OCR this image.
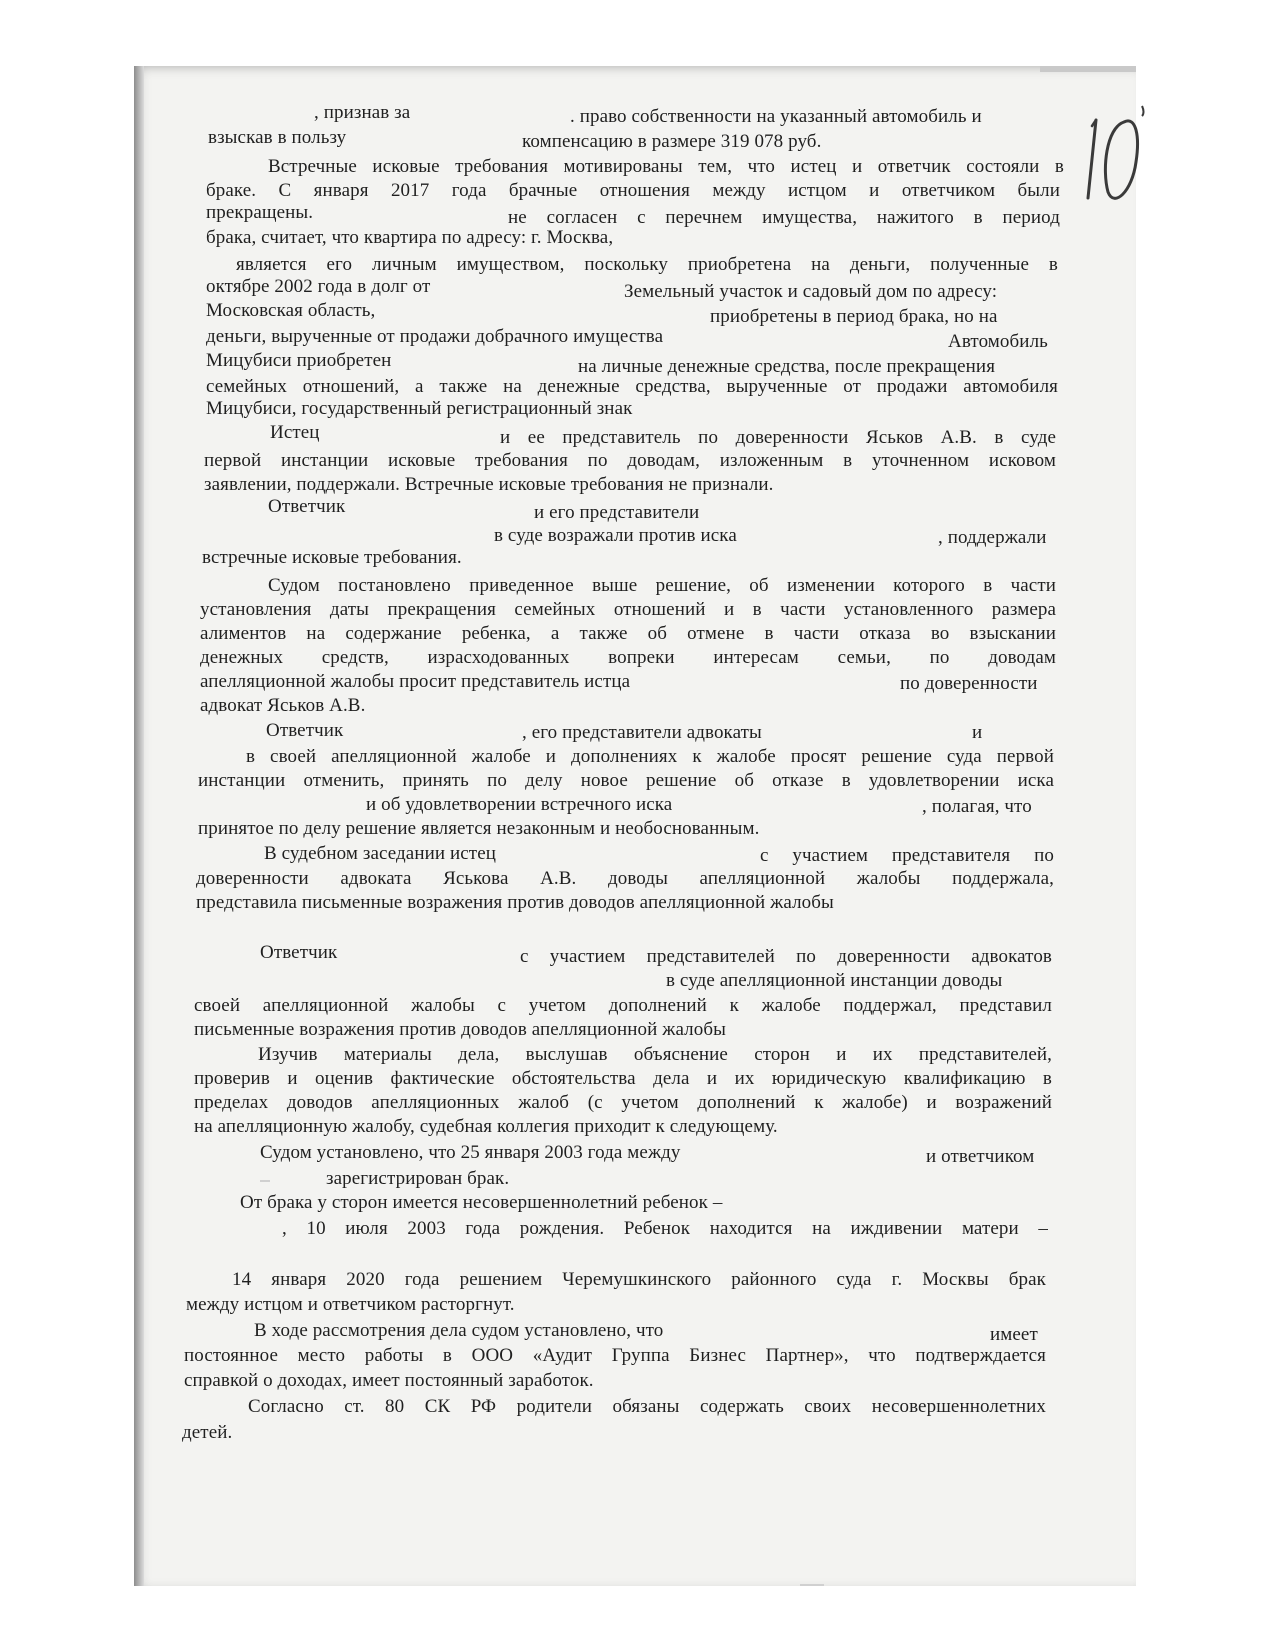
, признав за	. право собственности на указанный автомобиль и
взыскав в пользу	компенсацию в размере 319 078 руб.
Встречные исковые требования мотивированы тем, что истец и ответчик состояли в
браке. С января 2017 года брачные отношения между истцом и ответчиком были
прекращены.	не согласен с перечнем имущества, нажитого в период
брака, считает, что квартира по адресу: г. Москва,
является его личным имуществом, поскольку приобретена на деньги, полученные в
октябре 2002 года в долг от	Земельный участок и садовый дом по адресу:
Московская область,	приобретены в период брака, но на
деньги, вырученные от продажи добрачного имущества	Автомобиль
Мицубиси приобретен	на личные денежные средства, после прекращения
семейных отношений, а также на денежные средства, вырученные от продажи автомобиля
Мицубиси, государственный регистрационный знак
Истец	и ее представитель по доверенности Яськов А.В. в суде
первой инстанции исковые требования по доводам, изложенным в уточненном исковом
заявлении, поддержали. Встречные исковые требования не признали.
Ответчик	и его представители
в суде возражали против иска	, поддержали
встречные исковые требования.
Судом постановлено приведенное выше решение, об изменении которого в части
установления даты прекращения семейных отношений и в части установленного размера
алиментов на содержание ребенка, а также об отмене в части отказа во взыскании
денежных средств, израсходованных вопреки интересам семьи, по доводам
апелляционной жалобы просит представитель истца	по доверенности
адвокат Яськов А.В.
Ответчик	, его представители адвокаты	и
в своей апелляционной жалобе и дополнениях к жалобе просят решение суда первой
инстанции отменить, принять по делу новое решение об отказе в удовлетворении иска
и об удовлетворении встречного иска	, полагая, что
принятое по делу решение является незаконным и необоснованным.
В судебном заседании истец	с участием представителя по
доверенности адвоката Яськова А.В. доводы апелляционной жалобы поддержала,
представила письменные возражения против доводов апелляционной жалобы
Ответчик	с участием представителей по доверенности адвокатов
в суде апелляционной инстанции доводы
своей апелляционной жалобы с учетом дополнений к жалобе поддержал, представил
письменные возражения против доводов апелляционной жалобы
Изучив материалы дела, выслушав объяснение сторон и их представителей,
проверив и оценив фактические обстоятельства дела и их юридическую квалификацию в
пределах доводов апелляционных жалоб (с учетом дополнений к жалобе) и возражений
на апелляционную жалобу, судебная коллегия приходит к следующему.
Судом установлено, что 25 января 2003 года между	и ответчиком
зарегистрирован брак.
От брака у сторон имеется несовершеннолетний ребенок –
, 10 июля 2003 года рождения. Ребенок находится на иждивении матери –
14 января 2020 года решением Черемушкинского районного суда г. Москвы брак
между истцом и ответчиком расторгнут.
В ходе рассмотрения дела судом установлено, что	имеет
постоянное место работы в ООО «Аудит Группа Бизнес Партнер», что подтверждается
справкой о доходах, имеет постоянный заработок.
Согласно ст. 80 СК РФ родители обязаны содержать своих несовершеннолетних
детей.
